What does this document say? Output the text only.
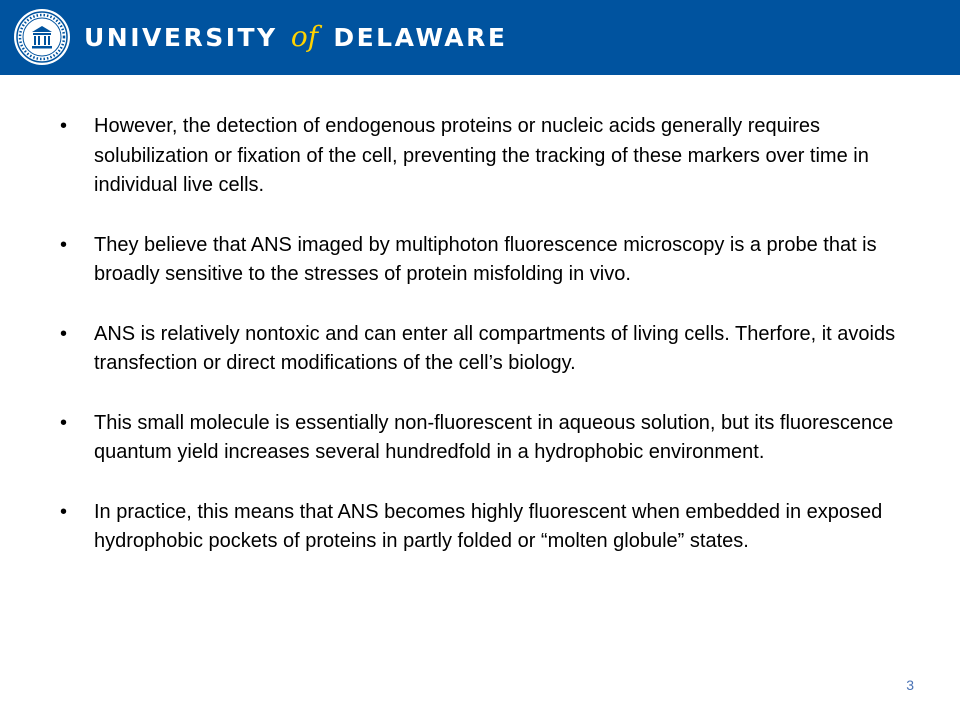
UNIVERSITY of DELAWARE
• However, the detection of endogenous proteins or nucleic acids generally requires solubilization or fixation of the cell, preventing the tracking of these markers over time in individual live cells.
• They believe that ANS imaged by multiphoton fluorescence microscopy is a probe that is broadly sensitive to the stresses of protein misfolding in vivo.
• ANS is relatively nontoxic and can enter all compartments of living cells. Therfore, it avoids transfection or direct modifications of the cell’s biology.
• This small molecule is essentially non-fluorescent in aqueous solution, but its fluorescence quantum yield increases several hundredfold in a hydrophobic environment.
• In practice, this means that ANS becomes highly fluorescent when embedded in exposed hydrophobic pockets of proteins in partly folded or “molten globule” states.
3
